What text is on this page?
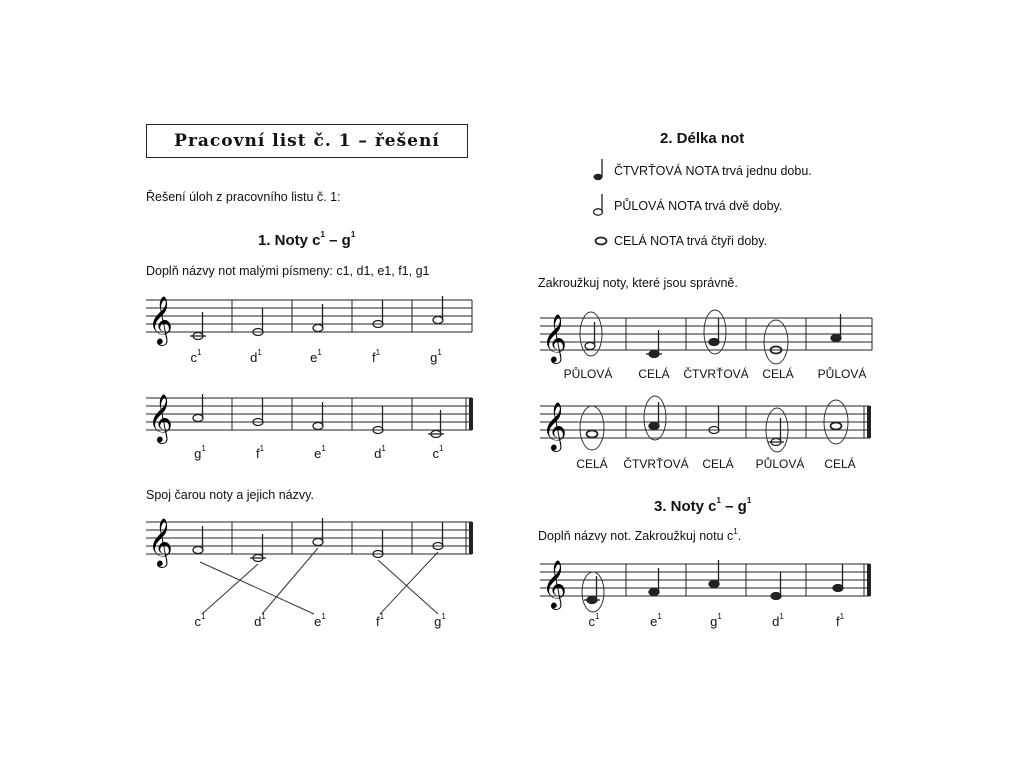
Pracovní list č. 1 – řešení
Řešení úloh z pracovního listu č. 1:
1. Noty $c^1 - g^1$
Doplň názvy not malými písmeny: c1, d1, e1, f1, g1
𝄞
$c^1$	$d^1$	$e^1$	$f^1$	$g^1$
𝄞
$g^1$	$f^1$	$e^1$	$d^1$	$c^1$
Spoj čarou noty a jejich názvy.
𝄞
$c^1$	$d^1$	$e^1$	$f^1$	$g^1$
2. Délka not
ČTVRŤOVÁ NOTA trvá jednu dobu.
PŮLOVÁ NOTA trvá dvě doby.
CELÁ NOTA trvá čtyři doby.
Zakroužkuj noty, které jsou správně.
𝄞
PŮLOVÁ	CELÁ	ČTVRŤOVÁ	CELÁ	PŮLOVÁ
𝄞
CELÁ	ČTVRŤOVÁ	CELÁ	PŮLOVÁ	CELÁ
3. Noty $c^1 - g^1$
Doplň názvy not. Zakroužkuj notu $c^1$.
𝄞
$c^1$	$e^1$	$g^1$	$d^1$	$f^1$
